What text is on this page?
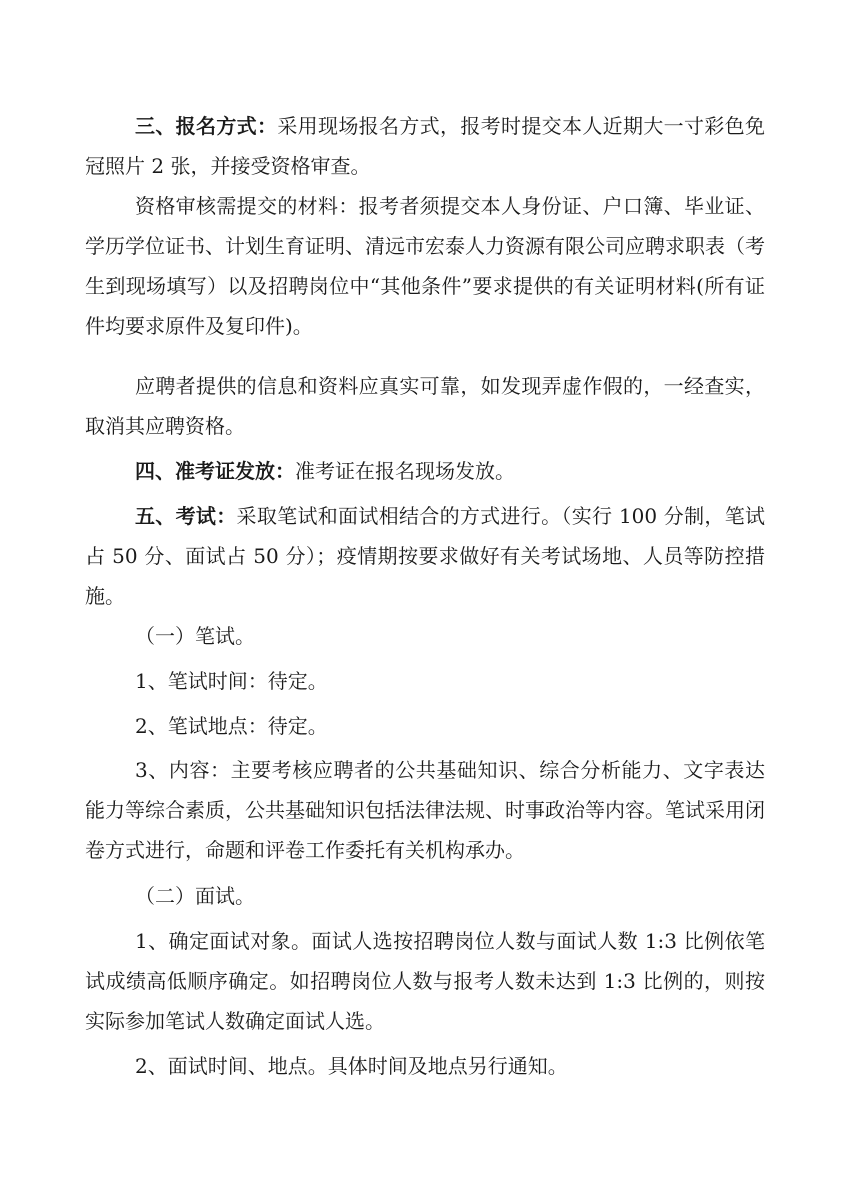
三、报名方式：采用现场报名方式，报考时提交本人近期大一寸彩色免冠照片 2 张，并接受资格审查。

资格审核需提交的材料：报考者须提交本人身份证、户口簿、毕业证、学历学位证书、计划生育证明、清远市宏泰人力资源有限公司应聘求职表（考生到现场填写）以及招聘岗位中“其他条件”要求提供的有关证明材料(所有证件均要求原件及复印件)。

应聘者提供的信息和资料应真实可靠，如发现弄虚作假的，一经查实，取消其应聘资格。

四、准考证发放：准考证在报名现场发放。

五、考试：采取笔试和面试相结合的方式进行。（实行 100 分制，笔试占 50 分、面试占 50 分）；疫情期按要求做好有关考试场地、人员等防控措施。

（一）笔试。

1、笔试时间：待定。

2、笔试地点：待定。

3、内容：主要考核应聘者的公共基础知识、综合分析能力、文字表达能力等综合素质，公共基础知识包括法律法规、时事政治等内容。笔试采用闭卷方式进行，命题和评卷工作委托有关机构承办。

（二）面试。

1、确定面试对象。面试人选按招聘岗位人数与面试人数 1:3 比例依笔试成绩高低顺序确定。如招聘岗位人数与报考人数未达到 1:3 比例的，则按实际参加笔试人数确定面试人选。

2、面试时间、地点。具体时间及地点另行通知。
